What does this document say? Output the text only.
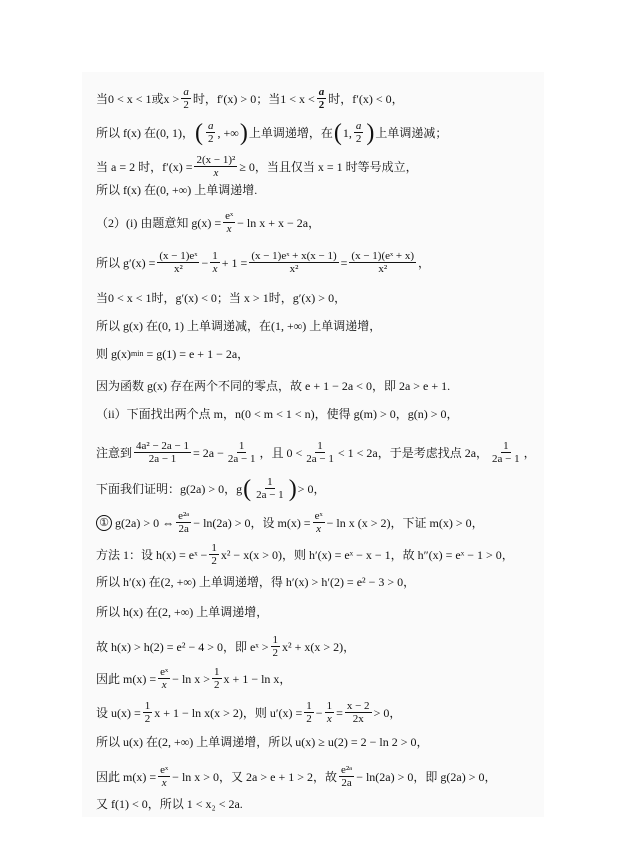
当0 < x < 1或$x > \frac{a}{2}$ 时，f′(x) > 0；当$1 < x < \frac{a}{2}$ 时，f′(x) < 0，
所以 f(x) 在(0, 1)， ( $\frac{a}{2}$ , +∞ ) 上单调递增，在 ( 1, $\frac{a}{2}$ ) 上单调递减；
当 a = 2 时，$f'(x) = \frac{\text{2(x − 1)²}}{x} \ge 0$，当且仅当 x = 1 时等号成立，
所以 f(x) 在(0, +∞) 上单调递增.
（2）(i) 由题意知 $g(x) = \frac{\text{eˣ}}{x} - \ln x + x - 2a$，
所以 $g'(x) = \frac{\text{(x − 1)eˣ}}{\text{x²}} - \frac{1}{x} + 1 = \frac{\text{(x − 1)eˣ + x(x − 1)}}{\text{x²}} = \frac{\text{(x − 1)(eˣ + x)}}{\text{x²}}$ ，
当0 < x < 1时，g′(x) < 0；当 x > 1时，g′(x) > 0，
所以 g(x) 在(0, 1) 上单调递减，在(1, +∞) 上单调递增，
则 g(x) min = g(1) = e + 1 − 2a，
因为函数 g(x) 存在两个不同的零点，故 e + 1 − 2a < 0，即 2a > e + 1.
（ii）下面找出两个点 m，n(0 < m < 1 < n)，使得 g(m) > 0，g(n) > 0，
注意到 $\frac{\text{4a² − 2a − 1}}{2a - 1} = 2a - \frac{1}{2a - 1}$ ，且 $0 < \frac{1}{2a - 1} < 1 < 2a$，于是考虑找点 2a， $\frac{1}{2a - 1}$ ，
下面我们证明：g(2a) > 0，g ( $\frac{1}{2a - 1}$ ) > 0，
① g(2a) > 0 ⇔ $\frac{\text{e²ᵃ}}{2a} - \ln(2a) > 0$，设 $m(x) = \frac{\text{eˣ}}{x} - \ln x$ (x > 2)，下证 m(x) > 0，
方法 1：设 h(x) = eˣ − $\frac{1}{2} x^2 - x(x > 0)$，则 h′(x) = eˣ − x − 1，故 h″(x) = eˣ − 1 > 0，
所以 h′(x) 在(2, +∞) 上单调递增，得 h′(x) > h′(2) = e² − 3 > 0，
所以 h(x) 在(2, +∞) 上单调递增，
故 h(x) > h(2) = e² − 4 > 0，即 eˣ > $\frac{1}{2} x^2 + x(x > 2)$，
因此 $m(x) = \frac{\text{eˣ}}{x} - \ln x > \frac{1}{2}$ x + 1 − ln x，
设 $u(x) = \frac{1}{2}$ x + 1 − ln x(x > 2)，则 $u'(x) = \frac{1}{2} - \frac{1}{x} = \frac{x - 2}{2x} > 0$，
所以 u(x) 在(2, +∞) 上单调递增，所以 u(x) ≥ u(2) = 2 − ln 2 > 0，
因此 $m(x) = \frac{\text{eˣ}}{x} - \ln x > 0$，又 2a > e + 1 > 2，故 $\frac{\text{e²ᵃ}}{2a} - \ln(2a) > 0$，即 g(2a) > 0，
又 f(1) < 0，所以 1 < x₂ < 2a.
